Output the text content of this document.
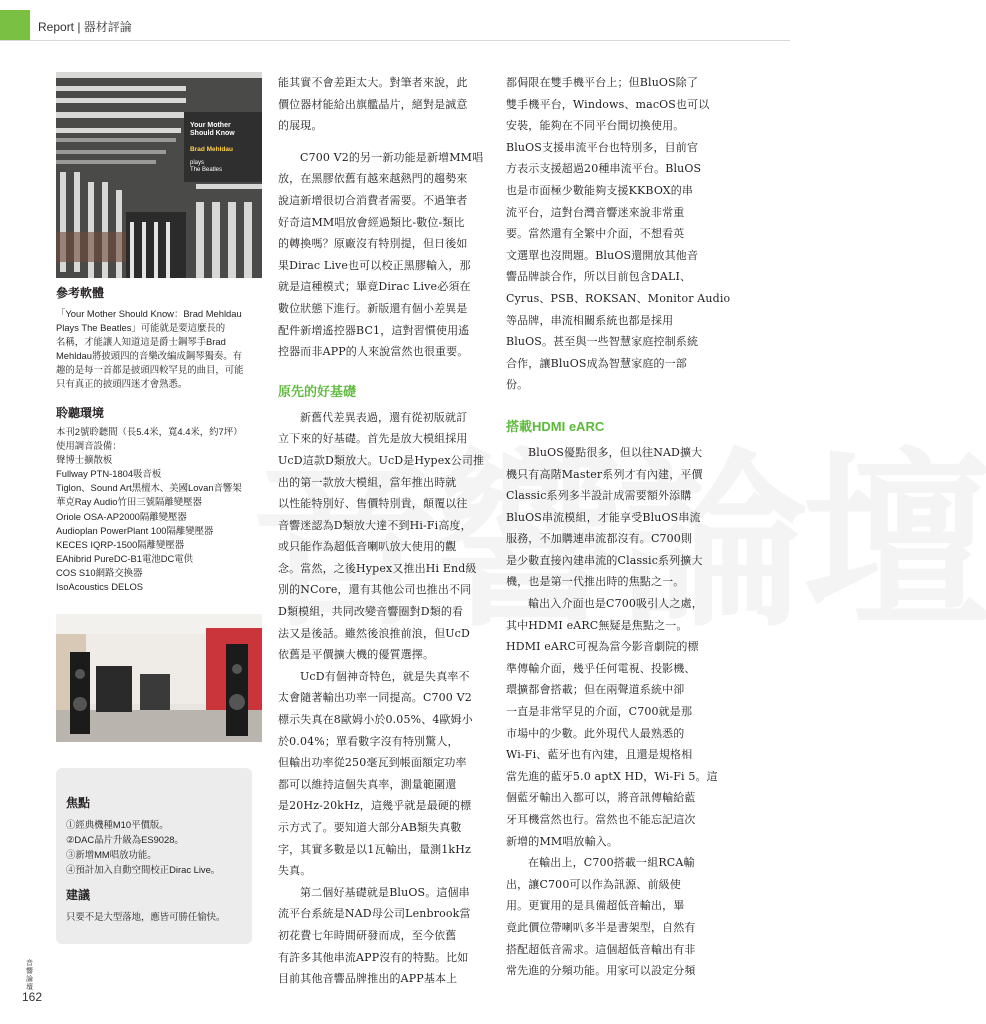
Report | 器材評論
Your Mother
Should Know
Brad Mehldau
plays
The Beatles
參考軟體

「Your Mother Should Know：Brad Mehldau

Plays The Beatles」可能就是要這麼長的

名稱，才能讓人知道這是爵士鋼琴手Brad

Mehldau將披頭四的音樂改編成鋼琴獨奏。有

趣的是每一首都是披頭四較罕見的曲目，可能

只有真正的披頭四迷才會熟悉。

聆聽環境
本刊2號聆聽間（長5.4米，寬4.4米，約7坪）
使用調音設備：
聲博士擴散板
Fullway PTN-1804吸音板
Tiglon、Sound Art黑檀木、美國Lovan音響架
華克Ray Audio竹田三號隔離變壓器
Oriole OSA-AP2000隔離變壓器
Audioplan PowerPlant 100隔離變壓器
KECES IQRP-1500隔離變壓器
EAhibrid PureDC-B1電池DC電供
COS S10網路交換器
IsoAcoustics DELOS
焦點
①經典機種M10平價版。
②DAC晶片升級為ES9028。
③新增MM唱放功能。
④預計加入自動空間校正Dirac Live。
建議
只要不是大型落地，應皆可勝任愉快。
能其實不會差距太大。對筆者來說，此
價位器材能給出旗艦晶片，絕對是誠意
的展現。
C700 V2的另一新功能是新增MM唱
放，在黑膠依舊有越來越熱門的趨勢來
說這新增很切合消費者需要。不過筆者
好奇這MM唱放會經過類比-數位-類比
的轉換嗎？原廠沒有特別提，但日後如
果Dirac Live也可以校正黑膠輸入，那
就是這種模式；畢竟Dirac Live必須在
數位狀態下進行。新版還有個小差異是
配件新增遙控器BC1，這對習慣使用遙
控器而非APP的人來說當然也很重要。
原先的好基礎
新舊代差異表過，還有從初版就訂
立下來的好基礎。首先是放大模組採用
UcD這款D類放大。UcD是Hypex公司推
出的第一款放大模組，當年推出時就
以性能特別好、售價特別貴，顛覆以往
音響迷認為D類放大達不到Hi-Fi高度，
或只能作為超低音喇叭放大使用的觀
念。當然，之後Hypex又推出Hi End級
別的NCore，還有其他公司也推出不同
D類模組，共同改變音響圈對D類的看
法又是後話。雖然後浪推前浪，但UcD
依舊是平價擴大機的優質選擇。
UcD有個神奇特色，就是失真率不
太會隨著輸出功率一同提高。C700 V2
標示失真在8歐姆小於0.05%、4歐姆小
於0.04%；單看數字沒有特別驚人，
但輸出功率從250毫瓦到帳面額定功率
都可以維持這個失真率，測量範圍還
是20Hz-20kHz，這幾乎就是最硬的標
示方式了。要知道大部分AB類失真數
字，其實多數是以1瓦輸出，量測1kHz
失真。
第二個好基礎就是BluOS。這個串
流平台系統是NAD母公司Lenbrook當
初花費七年時間研發而成，至今依舊
有許多其他串流APP沒有的特點。比如
目前其他音響品牌推出的APP基本上
都侷限在雙手機平台上；但BluOS除了
雙手機平台，Windows、macOS也可以
安裝，能夠在不同平台間切換使用。
BluOS支援串流平台也特別多，目前官
方表示支援超過20種串流平台。BluOS
也是市面極少數能夠支援KKBOX的串
流平台，這對台灣音響迷來說非常重
要。當然還有全繁中介面，不想看英
文選單也沒問題。BluOS還開放其他音
響品牌談合作，所以目前包含DALI、
Cyrus、PSB、ROKSAN、Monitor Audio
等品牌，串流相關系統也都是採用
BluOS。甚至與一些智慧家庭控制系統
合作，讓BluOS成為智慧家庭的一部
份。
搭載HDMI eARC
BluOS優點很多，但以往NAD擴大
機只有高階Master系列才有內建，平價
Classic系列多半設計成需要額外添購
BluOS串流模組，才能享受BluOS串流
服務，不加購連串流都沒有。C700則
是少數直接內建串流的Classic系列擴大
機，也是第一代推出時的焦點之一。
輸出入介面也是C700吸引人之處，
其中HDMI eARC無疑是焦點之一。
HDMI eARC可視為當今影音劇院的標
準傳輸介面，幾乎任何電視、投影機、
環擴都會搭載；但在兩聲道系統中卻
一直是非常罕見的介面，C700就是那
市場中的少數。此外現代人最熟悉的
Wi-Fi、藍牙也有內建，且還是規格相
當先進的藍牙5.0 aptX HD，Wi-Fi 5。這
個藍牙輸出入都可以，將音訊傳輸給藍
牙耳機當然也行。當然也不能忘記這次
新增的MM唱放輸入。
在輸出上，C700搭載一組RCA輸
出，讓C700可以作為訊源、前級使
用。更實用的是具備超低音輸出，畢
竟此價位帶喇叭多半是書架型，自然有
搭配超低音需求。這個超低音輸出有非
常先進的分頻功能。用家可以設定分頻
音響論壇
162
